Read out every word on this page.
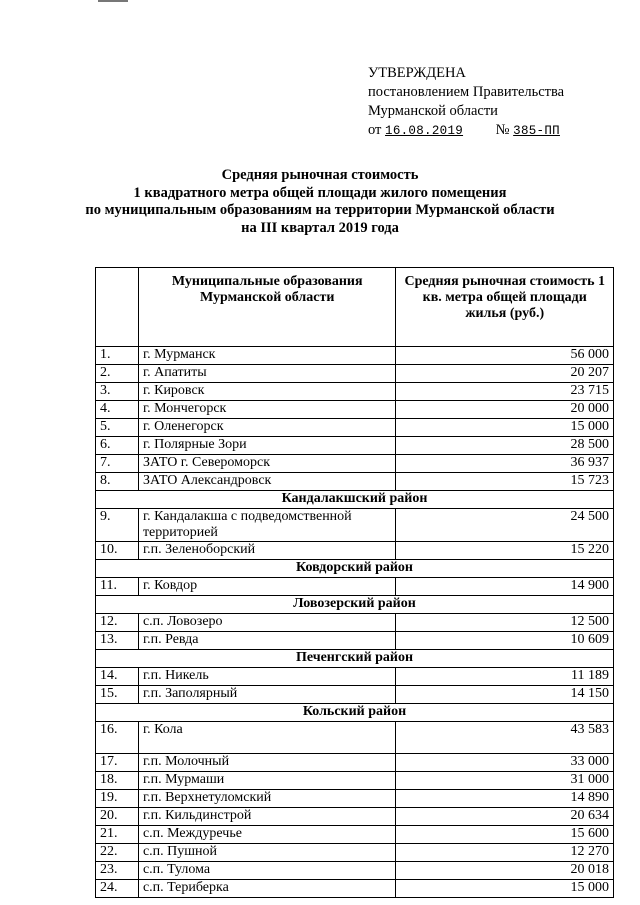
УТВЕРЖДЕНА
постановлением Правительства
Мурманской области
от 16.08.2019 № 385-ПП
Средняя рыночная стоимость
1 квадратного метра общей площади жилого помещения
по муниципальным образованиям на территории Мурманской области
на III квартал 2019 года
	Муниципальные образования Мурманской области	Средняя рыночная стоимость 1 кв. метра общей площади жилья (руб.)
1.	г. Мурманск	56 000
2.	г. Апатиты	20 207
3.	г. Кировск	23 715
4.	г. Мончегорск	20 000
5.	г. Оленегорск	15 000
6.	г. Полярные Зори	28 500
7.	ЗАТО г. Североморск	36 937
8.	ЗАТО Александровск	15 723
Кандалакшский район		
9.	г. Кандалакша с подведомственной территорией	24 500
10.	г.п. Зеленоборский	15 220
Ковдорский район		
11.	г. Ковдор	14 900
Ловозерский район		
12.	с.п. Ловозеро	12 500
13.	г.п. Ревда	10 609
Печенгский район		
14.	г.п. Никель	11 189
15.	г.п. Заполярный	14 150
Кольский район		
16.	г. Кола	43 583
17.	г.п. Молочный	33 000
18.	г.п. Мурмаши	31 000
19.	г.п. Верхнетуломский	14 890
20.	г.п. Кильдинстрой	20 634
21.	с.п. Междуречье	15 600
22.	с.п. Пушной	12 270
23.	с.п. Тулома	20 018
24.	с.п. Териберка	15 000
